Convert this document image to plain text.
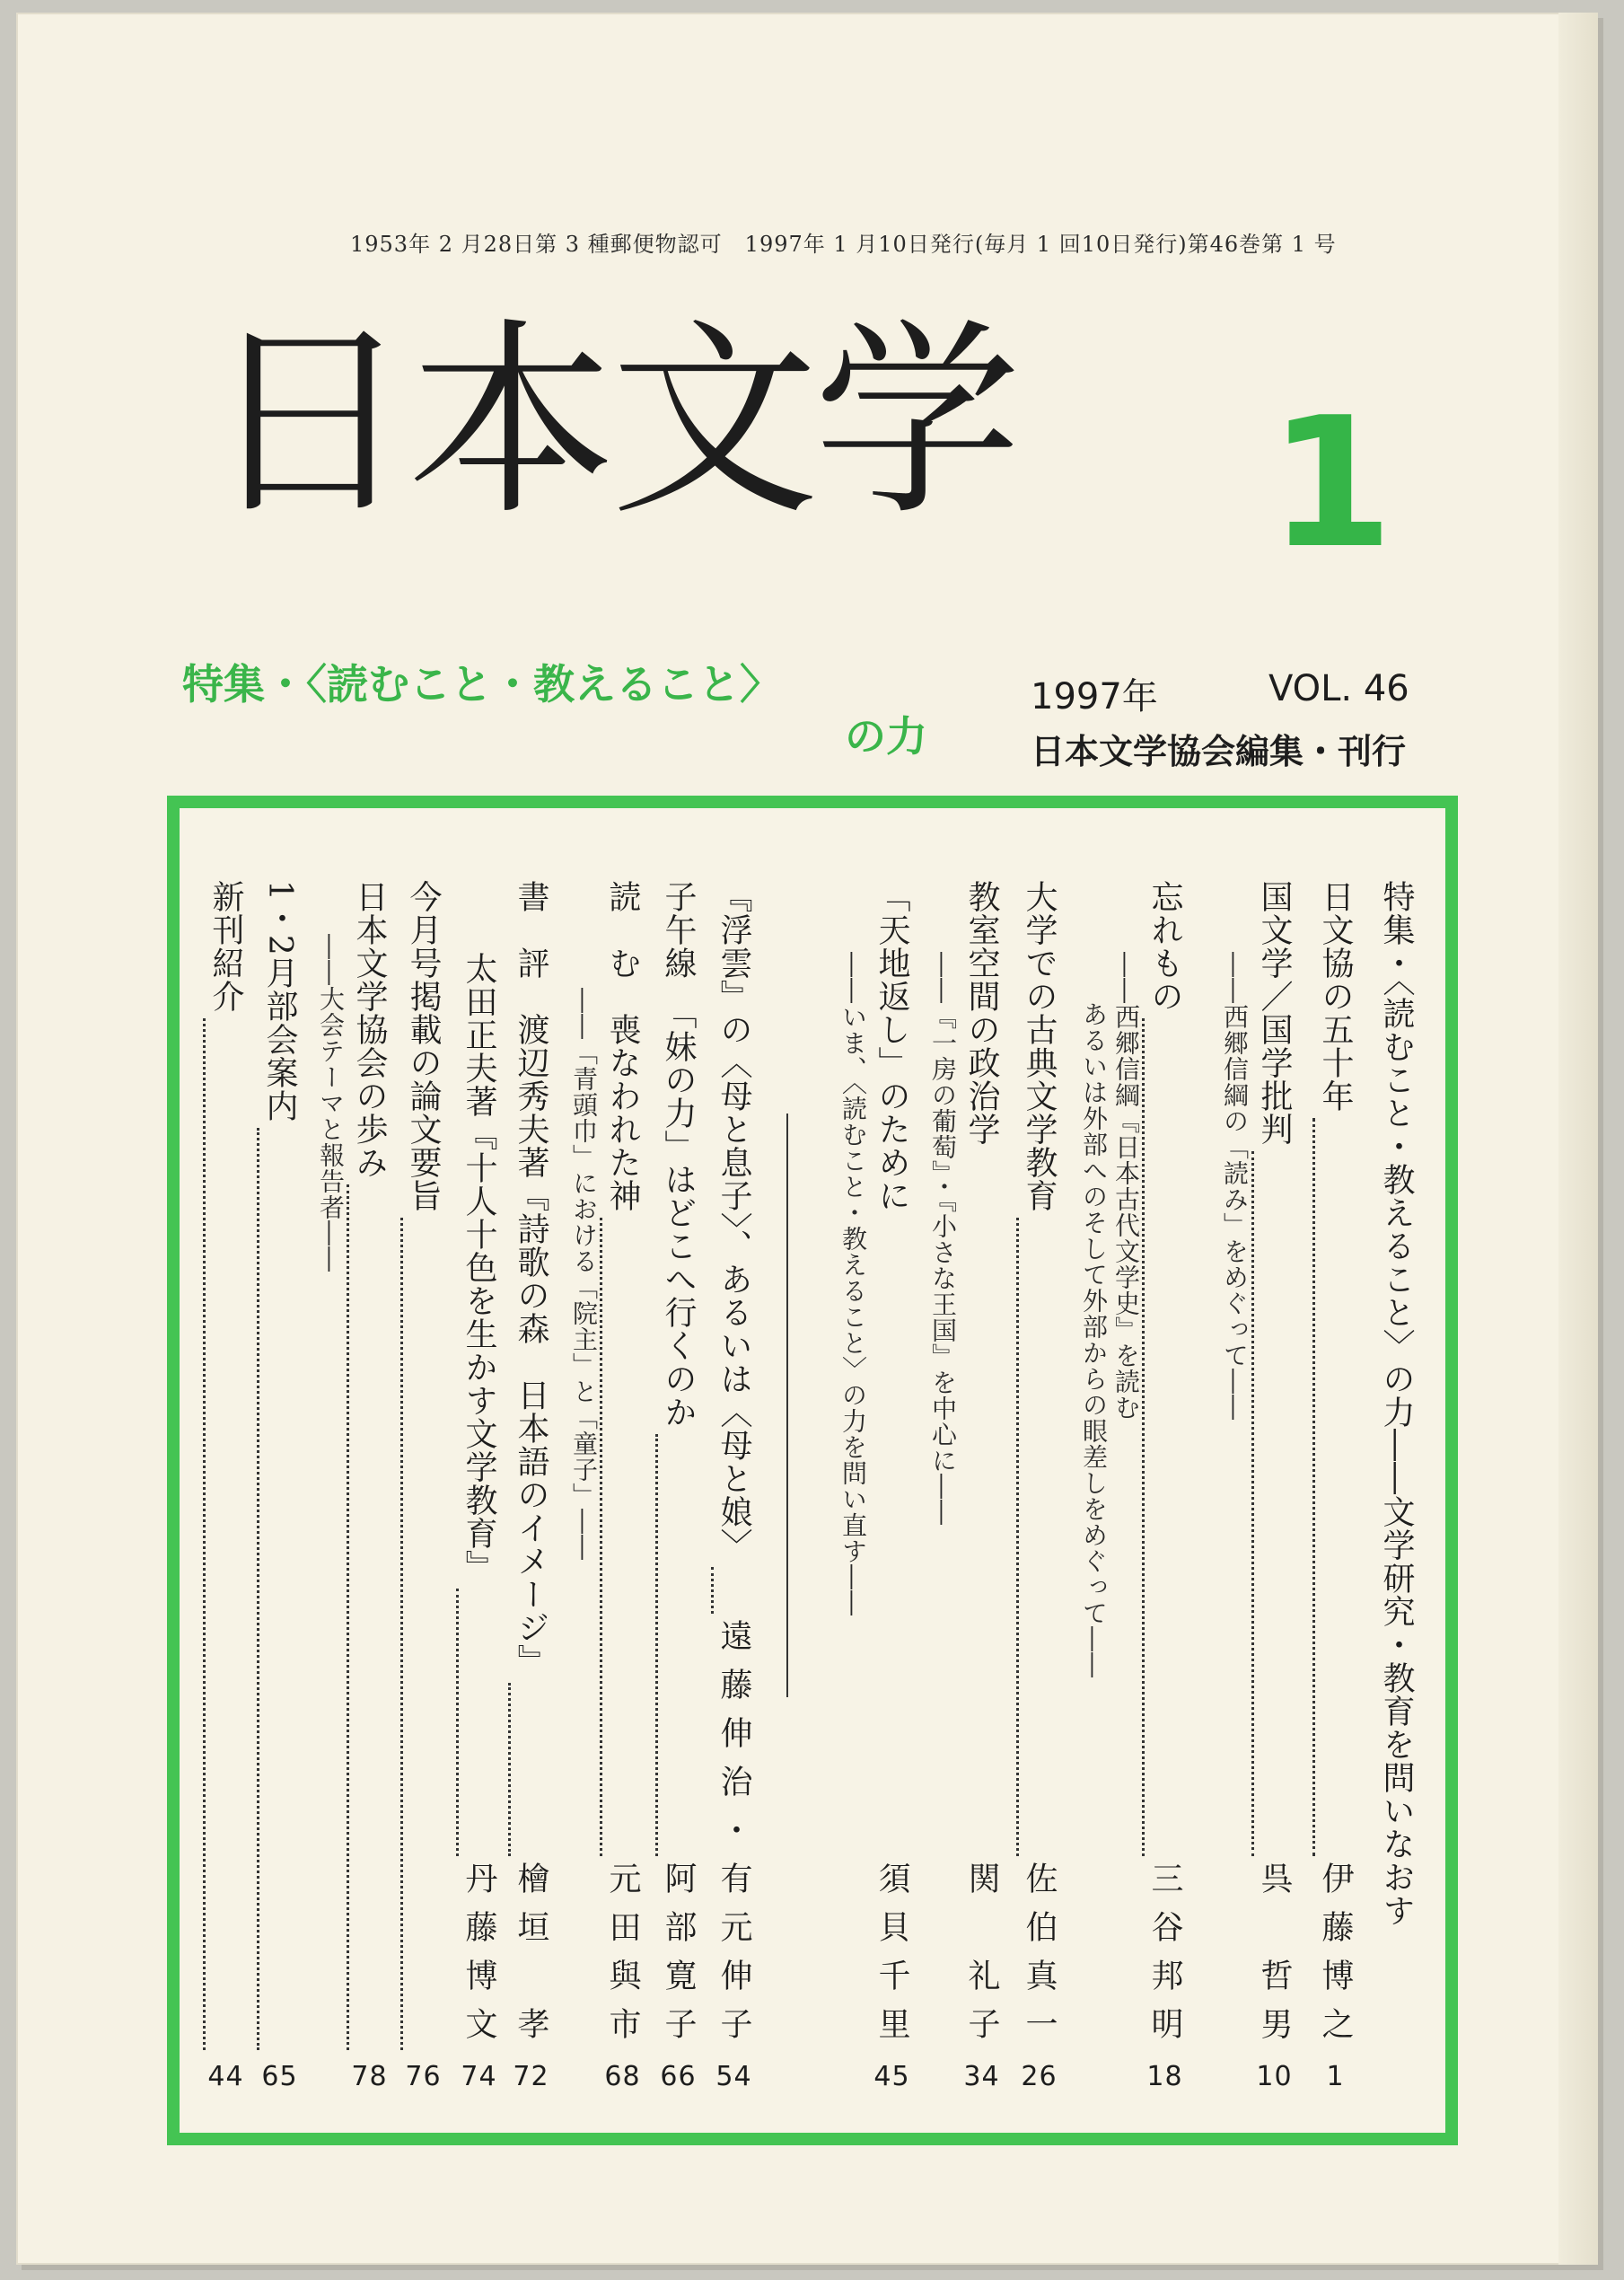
1953年 2 月28日第 3 種郵便物認可　1997年 1 月10日発行(毎月 1 回10日発行)第46巻第 1 号
日本文学 1
特集・〈読むこと・教えること〉
の力
1997年	VOL. 46
日本文学協会編集・刊行
特集・〈読むこと・教えること〉の力――文学研究・教育を問いなおす
日文協の五十年
伊藤博之
1
国文学／国学批判
呉　哲男
10
――西郷信綱の「読み」をめぐって――
忘れもの
三谷邦明
18
――西郷信綱『日本古代文学史』を読む
あるいは外部へのそして外部からの眼差しをめぐって――
大学での古典文学教育
佐伯真一
26
教室空間の政治学
関　礼子
34
――『一房の葡萄』・『小さな王国』を中心に――
「天地返し」のために
須貝千里
45
――いま、〈読むこと・教えること〉の力を問い直す――
『浮雲』の〈母と息子〉、あるいは〈母と娘〉
遠藤伸治・有元伸子
54
子午線　「妹の力」はどこへ行くのか
阿部寛子
66
読　む　喪なわれた神
元田與市
68
――「青頭巾」における「院主」と「童子」――
書　評　渡辺秀夫著『詩歌の森　日本語のイメージ』
檜垣　孝
72
太田正夫著『十人十色を生かす文学教育』
丹藤博文
74
今月号掲載の論文要旨
76
日本文学協会の歩み
78
――大会テーマと報告者――
1・2月部会案内
65
新刊紹介
44
